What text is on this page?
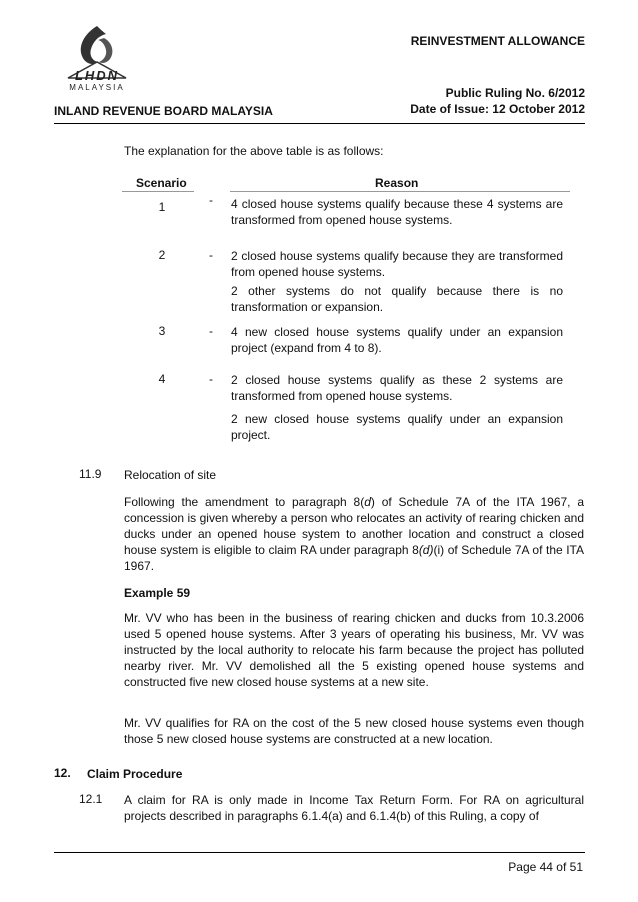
REINVESTMENT ALLOWANCE
LHDN
MALAYSIA	Public Ruling No. 6/2012
Date of Issue: 12 October 2012
INLAND REVENUE BOARD MALAYSIA
The explanation for the above table is as follows:
Scenario	Reason
1	- 4 closed house systems qualify because these 4 systems are transformed from opened house systems.
2	- 2 closed house systems qualify because they are transformed from opened house systems.
2 other systems do not qualify because there is no transformation or expansion.
3	- 4 new closed house systems qualify under an expansion project (expand from 4 to 8).
4	- 2 closed house systems qualify as these 2 systems are transformed from opened house systems.
2 new closed house systems qualify under an expansion project.
11.9 Relocation of site
Following the amendment to paragraph 8(d) of Schedule 7A of the ITA 1967, a concession is given whereby a person who relocates an activity of rearing chicken and ducks under an opened house system to another location and construct a closed house system is eligible to claim RA under paragraph 8(d)(i) of Schedule 7A of the ITA 1967.
Example 59
Mr. VV who has been in the business of rearing chicken and ducks from 10.3.2006 used 5 opened house systems. After 3 years of operating his business, Mr. VV was instructed by the local authority to relocate his farm because the project has polluted nearby river. Mr. VV demolished all the 5 existing opened house systems and constructed five new closed house systems at a new site.
Mr. VV qualifies for RA on the cost of the 5 new closed house systems even though those 5 new closed house systems are constructed at a new location.
12. Claim Procedure
12.1 A claim for RA is only made in Income Tax Return Form. For RA on agricultural projects described in paragraphs 6.1.4(a) and 6.1.4(b) of this Ruling, a copy of
Page 44 of 51
